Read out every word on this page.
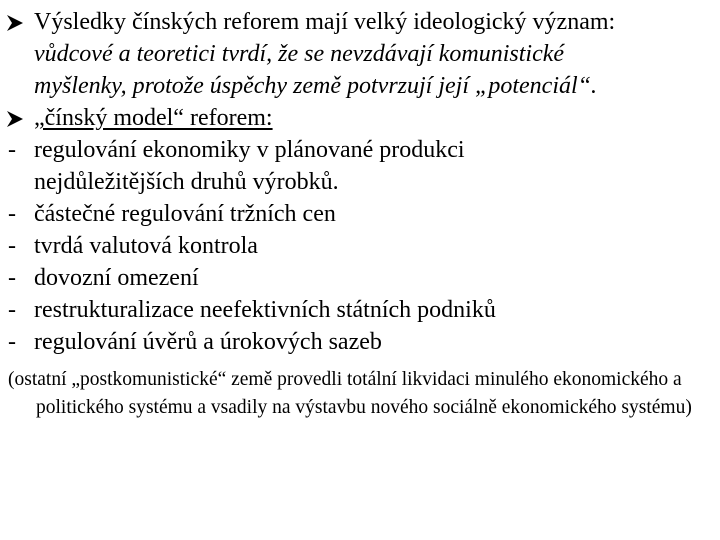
Výsledky čínských reforem mají velký ideologický význam:
vůdcové a teoretici tvrdí, že se nevzdávají komunistické
myšlenky, protože úspěchy země potvrzují její „potenciál“.
„čínský model“ reforem:
- regulování ekonomiky v plánované produkci
nejdůležitějších druhů výrobků.
- částečné regulování tržních cen
- tvrdá valutová kontrola
- dovozní omezení
- restrukturalizace neefektivních státních podniků
- regulování úvěrů a úrokových sazeb
(ostatní „postkomunistické“ země provedli totální likvidaci minulého ekonomického a politického systému a vsadily na výstavbu nového sociálně ekonomického systému)
